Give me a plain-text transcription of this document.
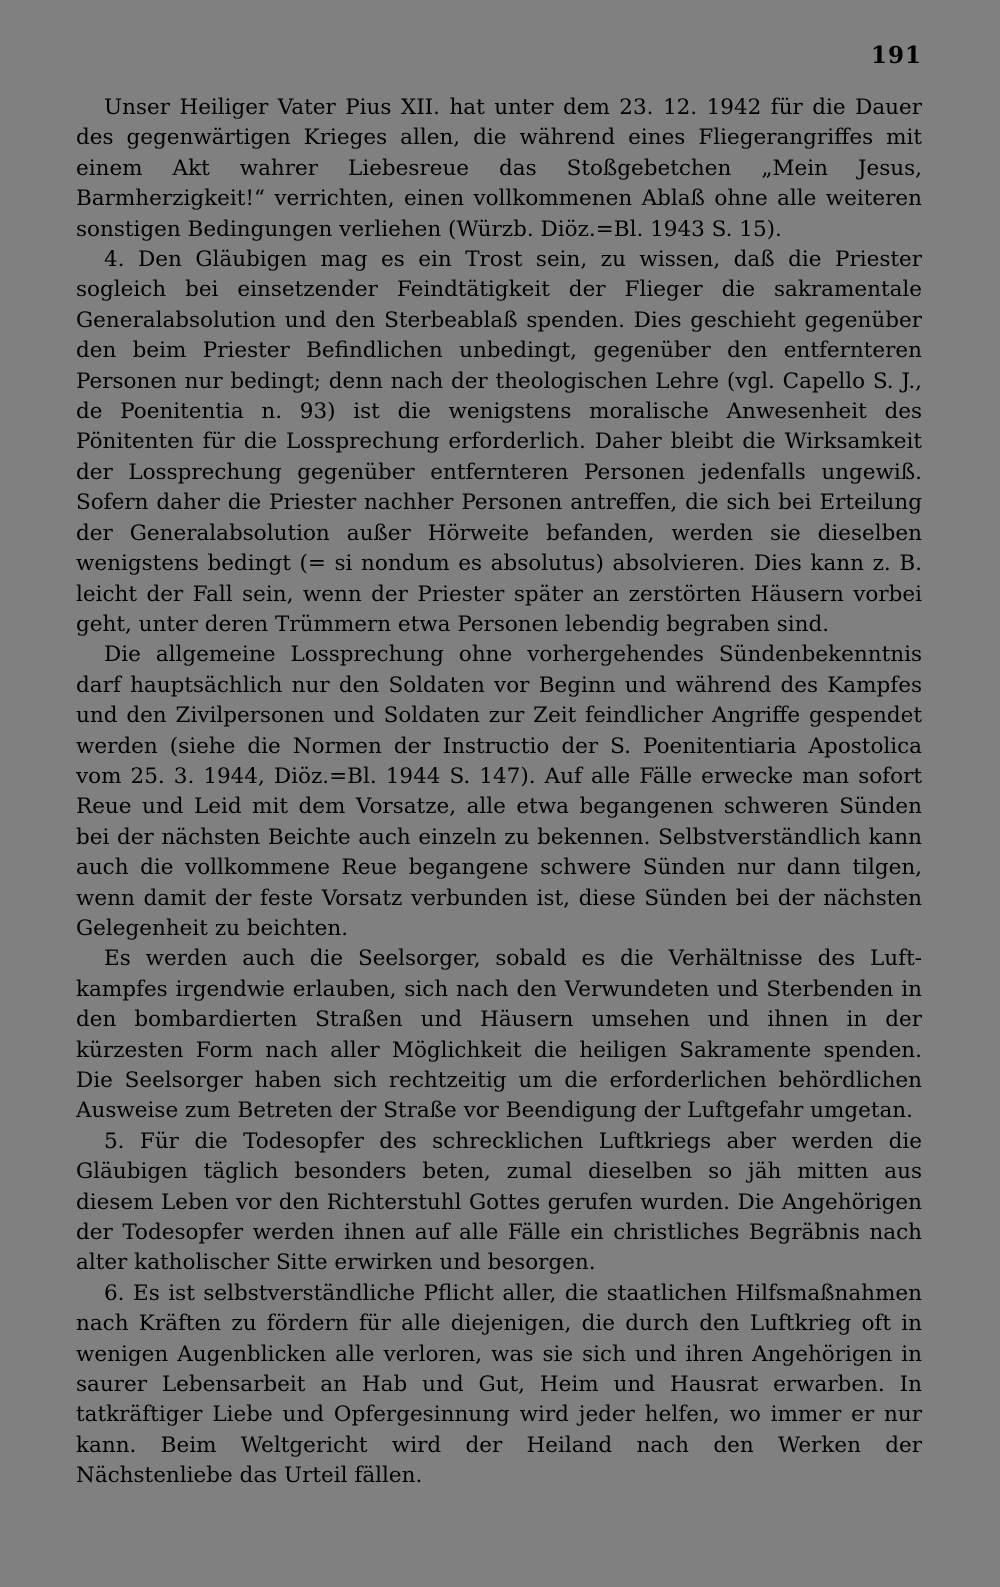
191

Unser Heiliger Vater Pius XII. hat unter dem 23. 12. 1942 für die Dauer des gegenwärtigen Krieges allen, die während eines Fliegerangriffes mit einem Akt wahrer Liebesreue das Stoßgebetchen „Mein Jesus, Barmherzigkeit!“ verrichten, einen vollkommenen Ablaß ohne alle weiteren sonstigen Bedingungen verliehen (Würzb. Diöz.=Bl. 1943 S. 15).

4. Den Gläubigen mag es ein Trost sein, zu wissen, daß die Priester sogleich bei einsetzender Feindtätigkeit der Flieger die sakramentale Generalabsolution und den Sterbeablaß spenden. Dies geschieht gegenüber den beim Priester Befindlichen unbedingt, gegenüber den entfernteren Personen nur bedingt; denn nach der theologischen Lehre (vgl. Capello S. J., de Poenitentia n. 93) ist die wenigstens moralische Anwesenheit des Pönitenten für die Lossprechung erforderlich. Daher bleibt die Wirksamkeit der Lossprechung gegenüber entfernteren Personen jedenfalls ungewiß. Sofern daher die Priester nachher Personen antreffen, die sich bei Erteilung der Generalabsolution außer Hörweite befanden, werden sie dieselben wenigstens bedingt (= si nondum es absolutus) absolvieren. Dies kann z. B. leicht der Fall sein, wenn der Priester später an zerstörten Häusern vorbei geht, unter deren Trümmern etwa Personen lebendig begraben sind.

Die allgemeine Lossprechung ohne vorhergehendes Sündenbekenntnis darf hauptsächlich nur den Soldaten vor Beginn und während des Kampfes und den Zivilpersonen und Soldaten zur Zeit feindlicher Angriffe gespendet werden (siehe die Normen der Instructio der S. Poenitentiaria Apostolica vom 25. 3. 1944, Diöz.=Bl. 1944 S. 147). Auf alle Fälle erwecke man sofort Reue und Leid mit dem Vorsatze, alle etwa begangenen schweren Sünden bei der nächsten Beichte auch einzeln zu bekennen. Selbstverständlich kann auch die vollkommene Reue begangene schwere Sünden nur dann tilgen, wenn damit der feste Vorsatz verbunden ist, diese Sünden bei der nächsten Gelegenheit zu beichten.

Es werden auch die Seelsorger, sobald es die Verhältnisse des Luftkampfes irgendwie erlauben, sich nach den Verwundeten und Sterbenden in den bombardierten Straßen und Häusern umsehen und ihnen in der kürzesten Form nach aller Möglichkeit die heiligen Sakramente spenden. Die Seelsorger haben sich rechtzeitig um die erforderlichen behördlichen Ausweise zum Betreten der Straße vor Beendigung der Luftgefahr umgetan.

5. Für die Todesopfer des schrecklichen Luftkriegs aber werden die Gläubigen täglich besonders beten, zumal dieselben so jäh mitten aus diesem Leben vor den Richterstuhl Gottes gerufen wurden. Die Angehörigen der Todesopfer werden ihnen auf alle Fälle ein christliches Begräbnis nach alter katholischer Sitte erwirken und besorgen.

6. Es ist selbstverständliche Pflicht aller, die staatlichen Hilfsmaßnahmen nach Kräften zu fördern für alle diejenigen, die durch den Luftkrieg oft in wenigen Augenblicken alle verloren, was sie sich und ihren Angehörigen in saurer Lebensarbeit an Hab und Gut, Heim und Hausrat erwarben. In tatkräftiger Liebe und Opfergesinnung wird jeder helfen, wo immer er nur kann. Beim Weltgericht wird der Heiland nach den Werken der Nächstenliebe das Urteil fällen.
